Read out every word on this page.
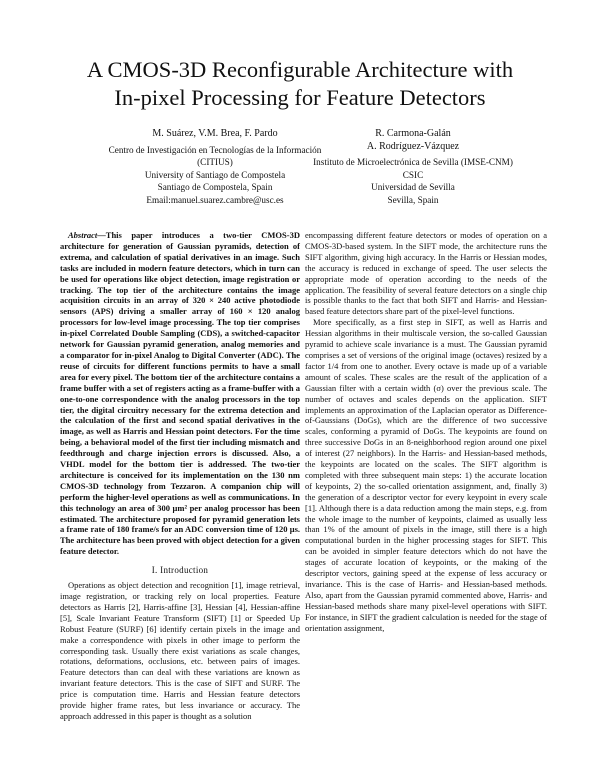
A CMOS-3D Reconfigurable Architecture with
In-pixel Processing for Feature Detectors
M. Suárez, V.M. Brea, F. Pardo
Centro de Investigación en Tecnologías de la Información
(CITIUS)
University of Santiago de Compostela
Santiago de Compostela, Spain
Email:manuel.suarez.cambre@usc.es
R. Carmona-Galán
A. Rodríguez-Vázquez
Instituto de Microelectrónica de Sevilla (IMSE-CNM)
CSIC
Universidad de Sevilla
Sevilla, Spain

Abstract—This paper introduces a two-tier CMOS-3D architecture for generation of Gaussian pyramids, detection of extrema, and calculation of spatial derivatives in an image. Such tasks are included in modern feature detectors, which in turn can be used for operations like object detection, image registration or tracking. The top tier of the architecture contains the image acquisition circuits in an array of 320 × 240 active photodiode sensors (APS) driving a smaller array of 160 × 120 analog processors for low-level image processing. The top tier comprises in-pixel Correlated Double Sampling (CDS), a switched-capacitor network for Gaussian pyramid generation, analog memories and a comparator for in-pixel Analog to Digital Converter (ADC). The reuse of circuits for different functions permits to have a small area for every pixel. The bottom tier of the architecture contains a frame buffer with a set of registers acting as a frame-buffer with a one-to-one correspondence with the analog processors in the top tier, the digital circuitry necessary for the extrema detection and the calculation of the first and second spatial derivatives in the image, as well as Harris and Hessian point detectors. For the time being, a behavioral model of the first tier including mismatch and feedthrough and charge injection errors is discussed. Also, a VHDL model for the bottom tier is addressed. The two-tier architecture is conceived for its implementation on the 130 nm CMOS-3D technology from Tezzaron. A companion chip will perform the higher-level operations as well as communications. In this technology an area of 300 μm² per analog processor has been estimated. The architecture proposed for pyramid generation lets a frame rate of 180 frame/s for an ADC conversion time of 120 μs. The architecture has been proved with object detection for a given feature detector.

I. Introduction

Operations as object detection and recognition [1], image retrieval, image registration, or tracking rely on local properties. Feature detectors as Harris [2], Harris-affine [3], Hessian [4], Hessian-affine [5], Scale Invariant Feature Transform (SIFT) [1] or Speeded Up Robust Feature (SURF) [6] identify certain pixels in the image and make a correspondence with pixels in other image to perform the corresponding task. Usually there exist variations as scale changes, rotations, deformations, occlusions, etc. between pairs of images. Feature detectors than can deal with these variations are known as invariant feature detectors. This is the case of SIFT and SURF. The price is computation time. Harris and Hessian feature detectors provide higher frame rates, but less invariance or accuracy. The approach addressed in this paper is thought as a solution

encompassing different feature detectors or modes of operation on a CMOS-3D-based system. In the SIFT mode, the architecture runs the SIFT algorithm, giving high accuracy. In the Harris or Hessian modes, the accuracy is reduced in exchange of speed. The user selects the appropriate mode of operation according to the needs of the application. The feasibility of several feature detectors on a single chip is possible thanks to the fact that both SIFT and Harris- and Hessian-based feature detectors share part of the pixel-level functions.

More specifically, as a first step in SIFT, as well as Harris and Hessian algorithms in their multiscale version, the so-called Gaussian pyramid to achieve scale invariance is a must. The Gaussian pyramid comprises a set of versions of the original image (octaves) resized by a factor 1/4 from one to another. Every octave is made up of a variable amount of scales. These scales are the result of the application of a Gaussian filter with a certain width (σ) over the previous scale. The number of octaves and scales depends on the application. SIFT implements an approximation of the Laplacian operator as Difference-of-Gaussians (DoGs), which are the difference of two successive scales, conforming a pyramid of DoGs. The keypoints are found on three successive DoGs in an 8-neighborhood region around one pixel of interest (27 neighbors). In the Harris- and Hessian-based methods, the keypoints are located on the scales. The SIFT algorithm is completed with three subsequent main steps: 1) the accurate location of keypoints, 2) the so-called orientation assignment, and, finally 3) the generation of a descriptor vector for every keypoint in every scale [1]. Although there is a data reduction among the main steps, e.g. from the whole image to the number of keypoints, claimed as usually less than 1% of the amount of pixels in the image, still there is a high computational burden in the higher processing stages for SIFT. This can be avoided in simpler feature detectors which do not have the stages of accurate location of keypoints, or the making of the descriptor vectors, gaining speed at the expense of less accuracy or invariance. This is the case of Harris- and Hessian-based methods. Also, apart from the Gaussian pyramid commented above, Harris- and Hessian-based methods share many pixel-level operations with SIFT. For instance, in SIFT the gradient calculation is needed for the stage of orientation assignment,
